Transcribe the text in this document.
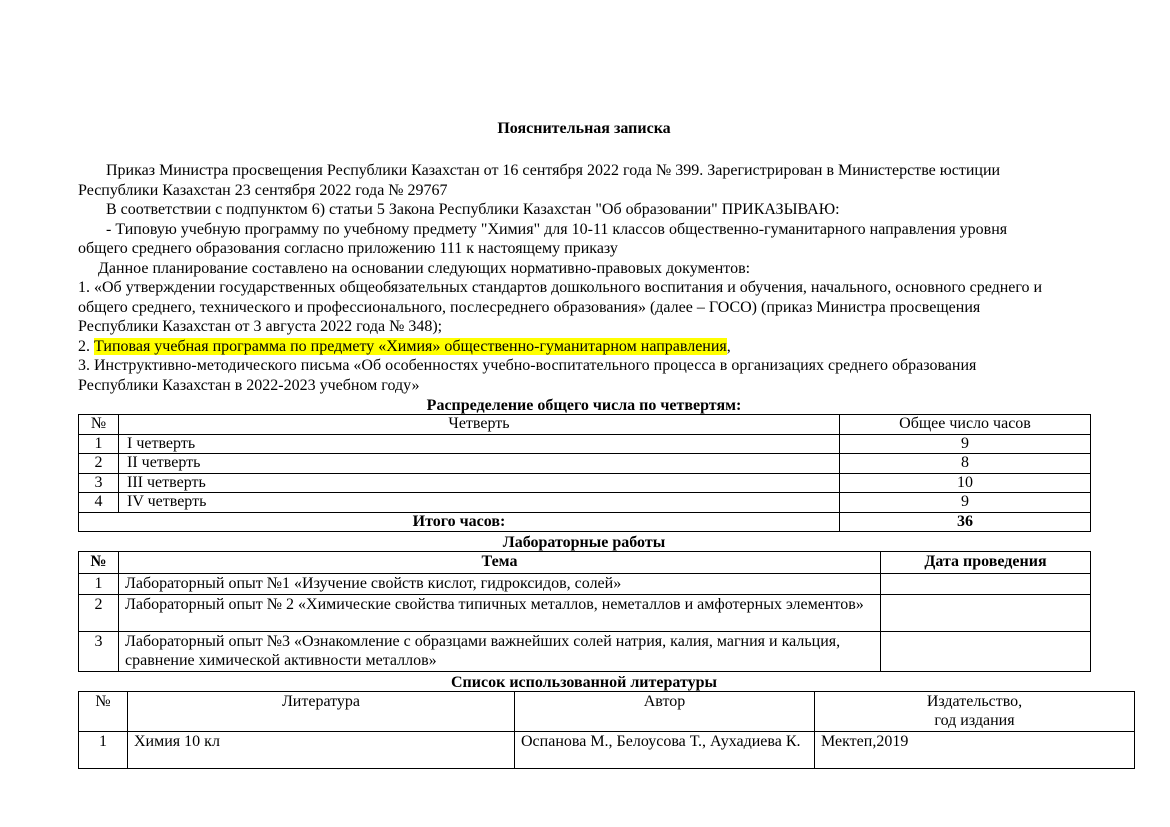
Пояснительная записка
Приказ Министра просвещения Республики Казахстан от 16 сентября 2022 года № 399. Зарегистрирован в Министерстве юстиции
Республики Казахстан 23 сентября 2022 года № 29767
В соответствии с подпунктом 6) статьи 5 Закона Республики Казахстан "Об образовании" ПРИКАЗЫВАЮ:
- Типовую учебную программу по учебному предмету "Химия" для 10-11 классов общественно-гуманитарного направления уровня
общего среднего образования согласно приложению 111 к настоящему приказу
Данное планирование составлено на основании следующих нормативно-правовых документов:
1. «Об утверждении государственных общеобязательных стандартов дошкольного воспитания и обучения, начального, основного среднего и
общего среднего, технического и профессионального, послесреднего образования» (далее – ГОСО) (приказ Министра просвещения
Республики Казахстан от 3 августа 2022 года № 348);
2. Типовая учебная программа по предмету «Химия» общественно-гуманитарном направления,
3. Инструктивно-методического письма «Об особенностях учебно-воспитательного процесса в организациях среднего образования
Республики Казахстан в 2022-2023 учебном году»
Распределение общего числа по четвертям:
№	Четверть	Общее число часов
1	I четверть	9
2	II четверть	8
3	III четверть	10
4	IV четверть	9
Итого часов:		36
Лабораторные работы
№	Тема	Дата проведения
1	Лабораторный опыт №1 «Изучение свойств кислот, гидроксидов, солей»	
2	Лабораторный опыт № 2 «Химические свойства типичных металлов, неметаллов и амфотерных элементов»	
3	Лабораторный опыт №3 «Ознакомление с образцами важнейших солей натрия, калия, магния и кальция, сравнение химической активности металлов»	
Список использованной литературы
№	Литература	Автор	Издательство,
год издания

1	Химия 10 кл	Оспанова М., Белоусова Т., Аухадиева К.	Мектеп,2019
